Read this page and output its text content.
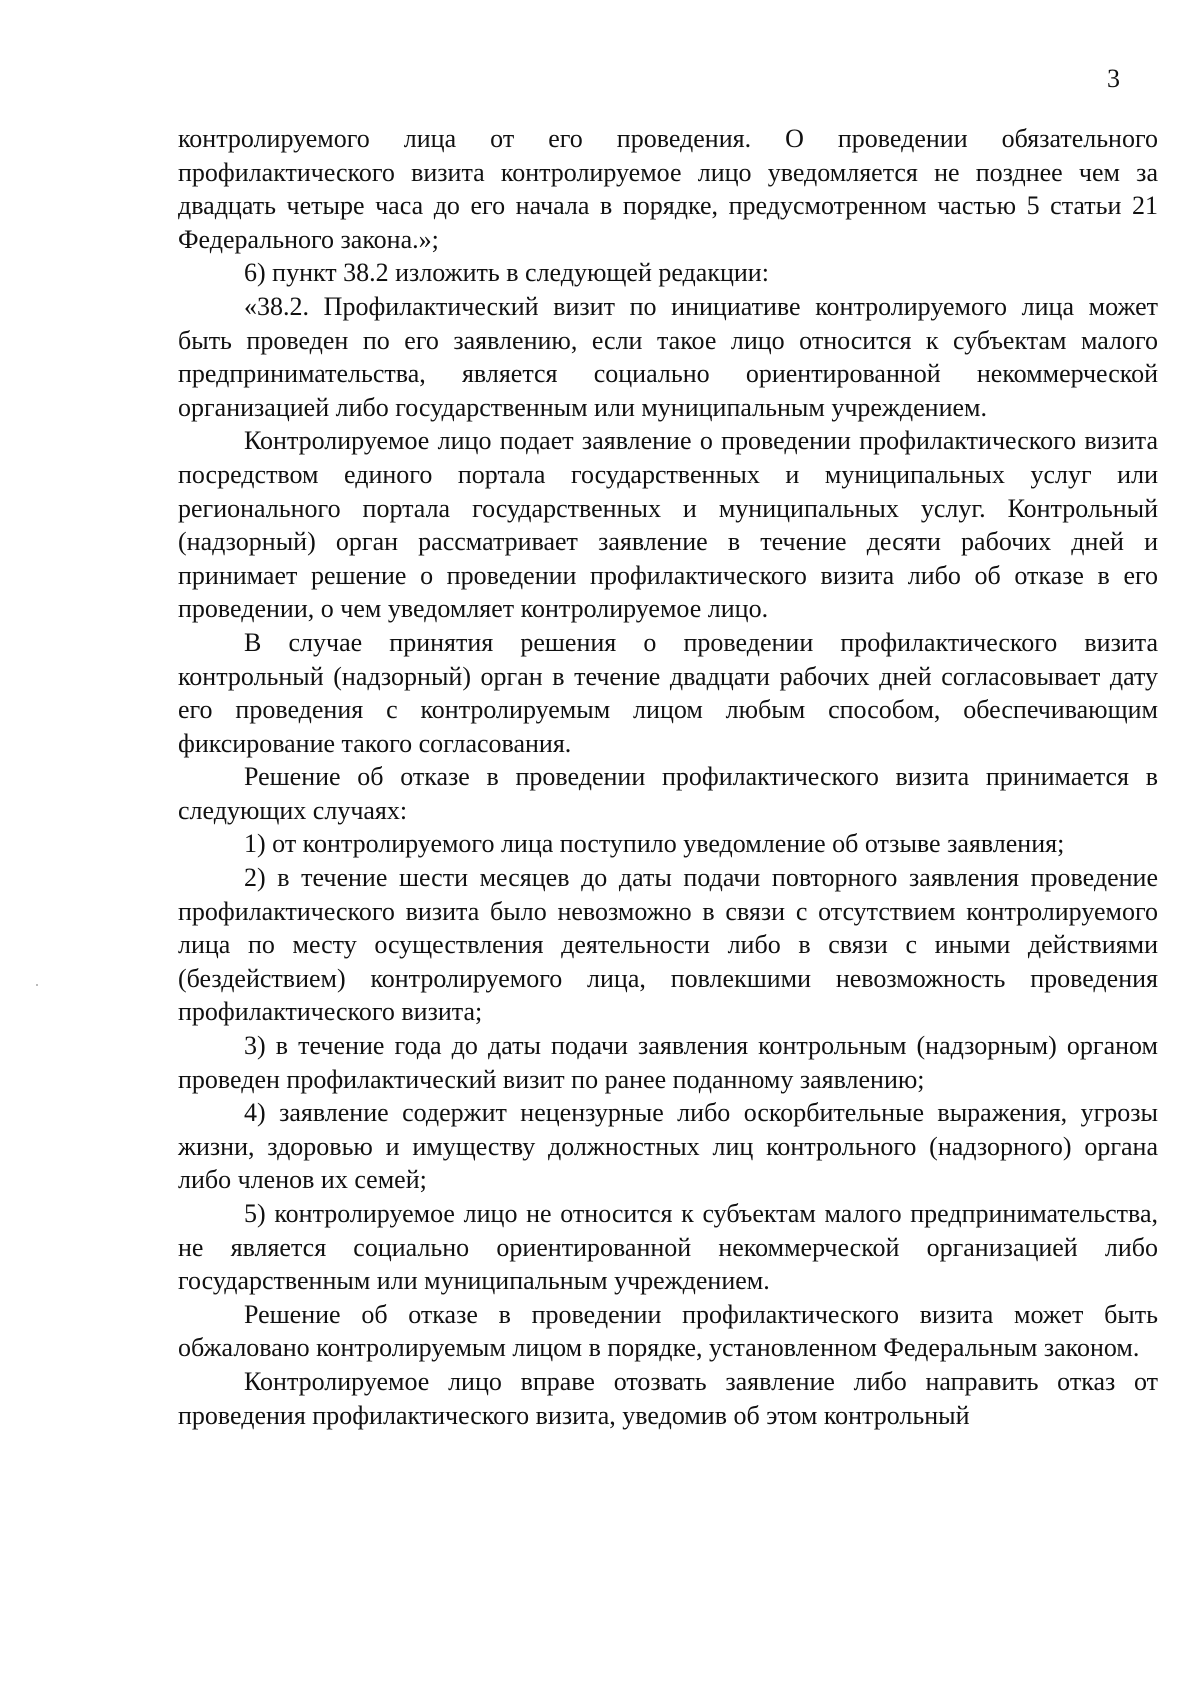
3

контролируемого лица от его проведения. О проведении обязательного профилактического визита контролируемое лицо уведомляется не позднее чем за двадцать четыре часа до его начала в порядке, предусмотренном частью 5 статьи 21 Федерального закона.»;

6) пункт 38.2 изложить в следующей редакции:

«38.2. Профилактический визит по инициативе контролируемого лица может быть проведен по его заявлению, если такое лицо относится к субъектам малого предпринимательства, является социально ориентированной некоммерческой организацией либо государственным или муниципальным учреждением.

Контролируемое лицо подает заявление о проведении профилактического визита посредством единого портала государственных и муниципальных услуг или регионального портала государственных и муниципальных услуг. Контрольный (надзорный) орган рассматривает заявление в течение десяти рабочих дней и принимает решение о проведении профилактического визита либо об отказе в его проведении, о чем уведомляет контролируемое лицо.

В случае принятия решения о проведении профилактического визита контрольный (надзорный) орган в течение двадцати рабочих дней согласовывает дату его проведения с контролируемым лицом любым способом, обеспечивающим фиксирование такого согласования.

Решение об отказе в проведении профилактического визита принимается в следующих случаях:

1) от контролируемого лица поступило уведомление об отзыве заявления;

2) в течение шести месяцев до даты подачи повторного заявления проведение профилактического визита было невозможно в связи с отсутствием контролируемого лица по месту осуществления деятельности либо в связи с иными действиями (бездействием) контролируемого лица, повлекшими невозможность проведения профилактического визита;

3) в течение года до даты подачи заявления контрольным (надзорным) органом проведен профилактический визит по ранее поданному заявлению;

4) заявление содержит нецензурные либо оскорбительные выражения, угрозы жизни, здоровью и имуществу должностных лиц контрольного (надзорного) органа либо членов их семей;

5) контролируемое лицо не относится к субъектам малого предпринимательства, не является социально ориентированной некоммерческой организацией либо государственным или муниципальным учреждением.

Решение об отказе в проведении профилактического визита может быть обжаловано контролируемым лицом в порядке, установленном Федеральным законом.

Контролируемое лицо вправе отозвать заявление либо направить отказ от проведения профилактического визита, уведомив об этом контрольный
